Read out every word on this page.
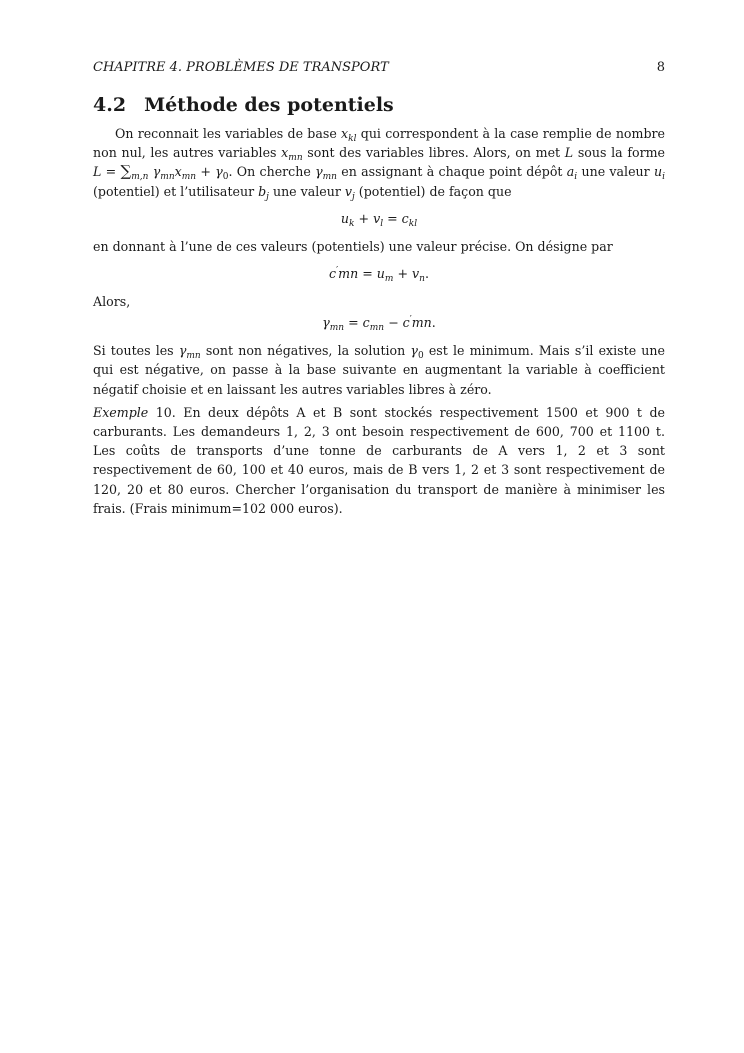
CHAPITRE 4. PROBLÈMES DE TRANSPORT	8
4.2 Méthode des potentiels

On reconnait les variables de base $x_{kl}$ qui correspondent à la case remplie de nombre non nul, les autres variables $x_{mn}$ sont des variables libres. Alors, on met L sous la forme $L = \sum_{m,n}$ $\gamma_{mn}x_{mn} + \gamma_0$. On cherche $\gamma_{mn}$ en assignant à chaque point dépôt $a_i$ une valeur $u_i$ (potentiel) et l’utilisateur $b_j$ une valeur $v_j$ (potentiel) de façon que

$u_k + v_l = c_{kl}$

en donnant à l’une de ces valeurs (potentiels) une valeur précise. On désigne par

$c'mn = u_m + v_n$.

Alors,

$\gamma_{mn} = c_{mn} - c'mn$.

Si toutes les $\gamma_{mn}$ sont non négatives, la solution $\gamma_0$ est le minimum. Mais s’il existe une qui est négative, on passe à la base suivante en augmentant la variable à coefficient négatif choisie et en laissant les autres variables libres à zéro.

Exemple 10. En deux dépôts A et B sont stockés respectivement 1500 et 900 t de carburants. Les demandeurs 1, 2, 3 ont besoin respectivement de 600, 700 et 1100 t. Les coûts de transports d’une tonne de carburants de A vers 1, 2 et 3 sont respectivement de 60, 100 et 40 euros, mais de B vers 1, 2 et 3 sont respectivement de 120, 20 et 80 euros. Chercher l’organisation du transport de manière à minimiser les frais. (Frais minimum=102 000 euros).
